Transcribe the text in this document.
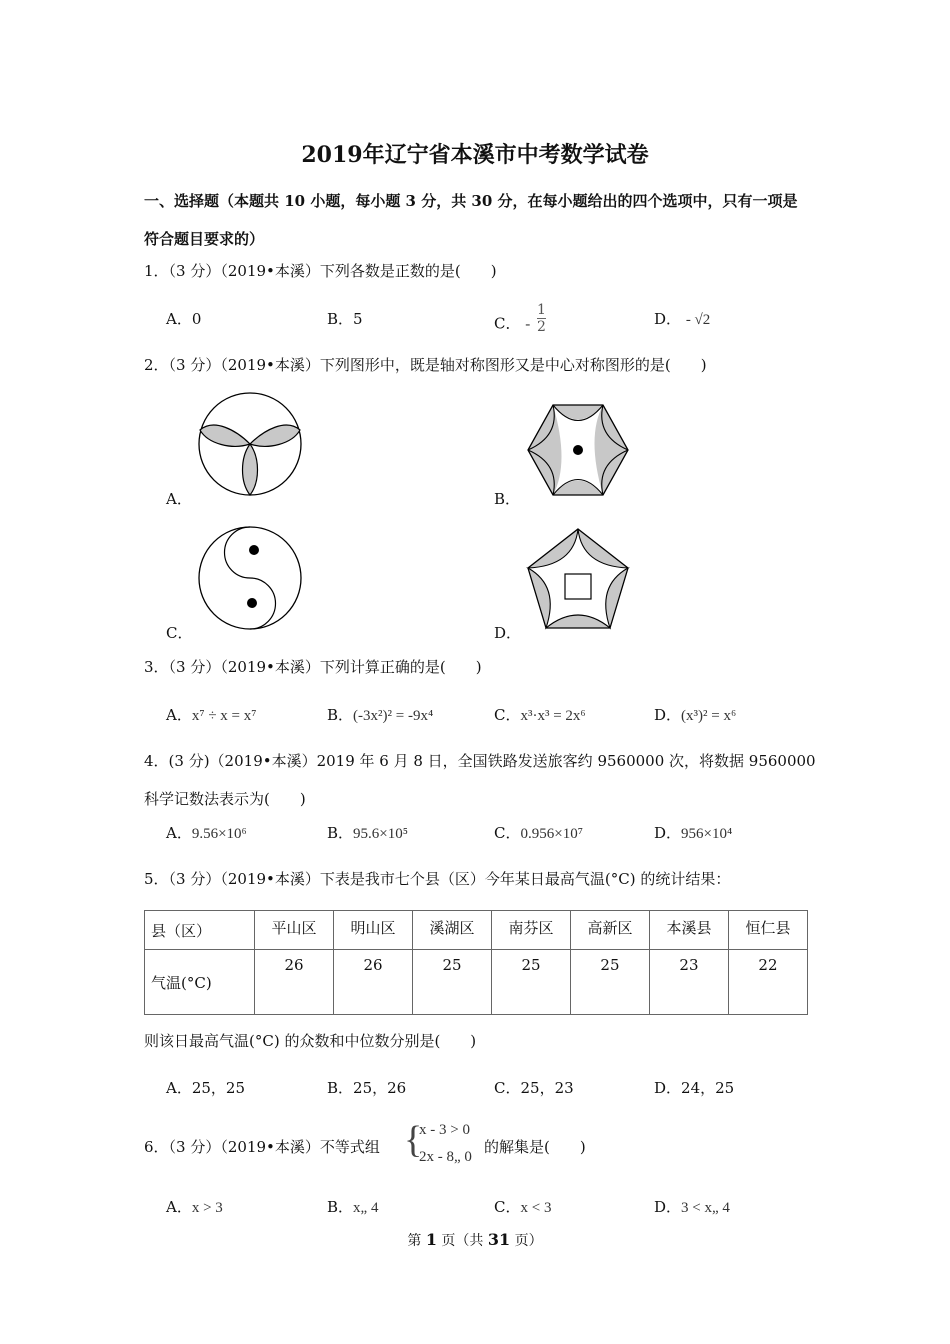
2019年辽宁省本溪市中考数学试卷
一、选择题（本题共 10 小题，每小题 3 分，共 30 分，在每小题给出的四个选项中，只有一项是
符合题目要求的）
1．（3 分）（2019•本溪）下列各数是正数的是(　　)
A．0	B．5	C． - $\frac{1}{2}$	D． - √2
2．（3 分）（2019•本溪）下列图形中，既是轴对称图形又是中心对称图形的是(　　)
A．	B．
C．	D．
3．（3 分）（2019•本溪）下列计算正确的是(　　)
A．x⁷ ÷ x = x⁷	B．(-3x²)² = -9x⁴	C．x³·x³ = 2x⁶	D．(x³)² = x⁶
4．(3 分)（2019•本溪）2019 年 6 月 8 日，全国铁路发送旅客约 9560000 次，将数据 9560000
科学记数法表示为(　　)
A．9.56×10⁶	B．95.6×10⁵	C．0.956×10⁷	D．956×10⁴
5．（3 分）（2019•本溪）下表是我市七个县（区）今年某日最高气温(°C) 的统计结果：
县（区）	平山区	明山区	溪湖区	南芬区	高新区	本溪县	恒仁县
气温(°C)	26	26	25	25	25	23	22
则该日最高气温(°C) 的众数和中位数分别是(　　)
A．25，25	B．25，26	C．25，23	D．24，25
6．（3 分）（2019•本溪）不等式组 {
x - 3 > 0
2x - 8„ 0
的解集是(　　)
A．x > 3	B．x„ 4	C．x < 3	D．3 < x„ 4
第 1 页（共 31 页）
